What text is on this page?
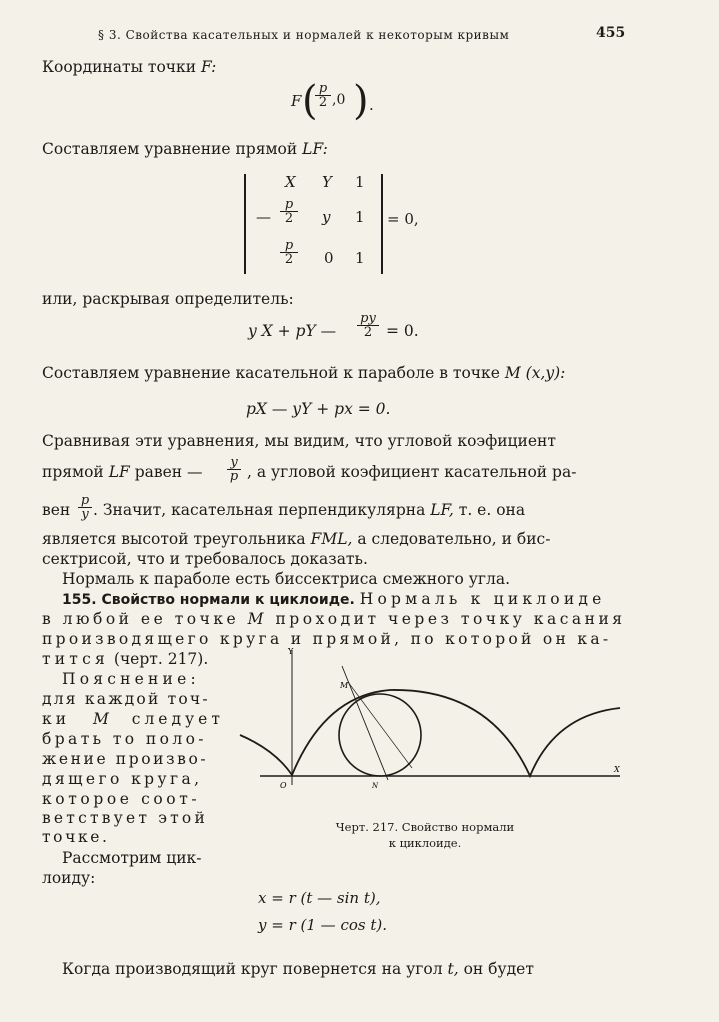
§ 3. Свойства касательных и нормалей к некоторым кривым	455
Координаты точки F:
F (
$\frac{p}{2} ,0$ ) .
Составляем уравнение прямой LF:
X Y 1
— $\frac{p}{2}$ y 1
$\frac{p}{2} 0$ 1
= 0,
или, раскрывая определитель:
y X + pY — $\frac{py}{2} = 0$.
Составляем уравнение касательной к параболе в точке M (x,y):
pX — yY + px = 0.
Сравнивая эти уравнения, мы видим, что угловой коэфициент
прямой LF равен — $\frac{y}{p}$ , а угловой коэфициент касательной ра-
вен $\frac{p}{y}$ . Значит, касательная перпендикулярна LF, т. е. она
является высотой треугольника FML, а следовательно, и бис-
сектрисой, что и требовалось доказать.
Нормаль к параболе есть биссектриса смежного угла.
155. Свойство нормали к циклоиде. Нормаль к циклоиде
в любой ее точке M проходит через точку касания
производящего круга и прямой, по которой он ка-
тится (черт. 217).
Пояснение:
для каждой точ-
ки M следует
брать то поло-
жение произво-
дящего круга,
которое соот-
ветствует этой
точке.
Рассмотрим цик-
лоиду:
Y
X
O
M
N
Черт. 217. Свойство нормали
к циклоиде.
x = r (t — sin t),
y = r (1 — cos t).
Когда производящий круг повернется на угол t, он будет
